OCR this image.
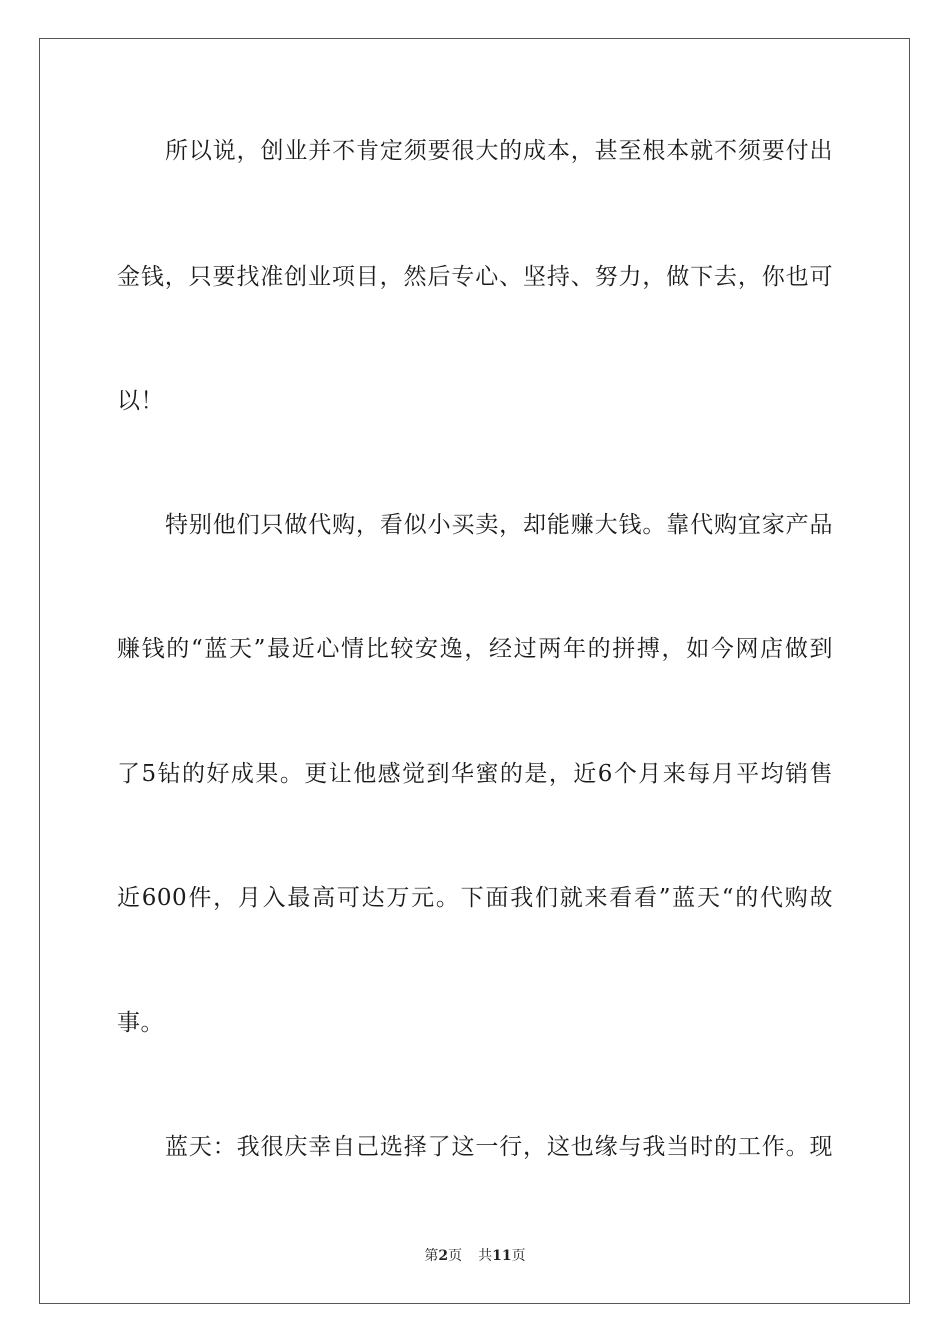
所以说，创业并不肯定须要很大的成本，甚至根本就不须要付出
金钱，只要找准创业项目，然后专心、坚持、努力，做下去，你也可
以！
特别他们只做代购，看似小买卖，却能赚大钱。靠代购宜家产品
赚钱的“蓝天”最近心情比较安逸，经过两年的拼搏，如今网店做到
了5钻的好成果。更让他感觉到华蜜的是，近6个月来每月平均销售
近600件，月入最高可达万元。下面我们就来看看”蓝天“的代购故
事。
蓝天：我很庆幸自己选择了这一行，这也缘与我当时的工作。现
第2页 共11页
